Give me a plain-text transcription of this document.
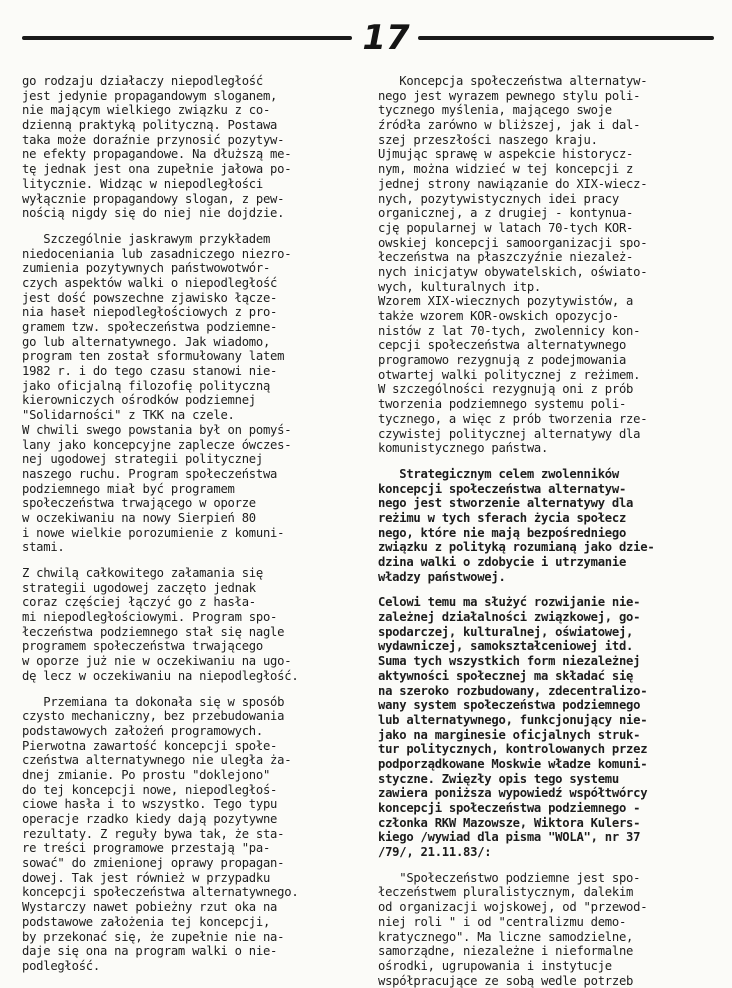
17
go rodzaju działaczy niepodległość
jest jedynie propagandowym sloganem,
nie mającym wielkiego związku z co-
dzienną praktyką polityczną. Postawa
taka może doraźnie przynosić pozytyw-
ne efekty propagandowe. Na dłuższą me-
tę jednak jest ona zupełnie jałowa po-
litycznie. Widząc w niepodległości
wyłącznie propagandowy slogan, z pew-
nością nigdy się do niej nie dojdzie.
Szczególnie jaskrawym przykładem
niedoceniania lub zasadniczego niezro-
zumienia pozytywnych państwowotwór-
czych aspektów walki o niepodległość
jest dość powszechne zjawisko łącze-
nia haseł niepodległościowych z pro-
gramem tzw. społeczeństwa podziemne-
go lub alternatywnego. Jak wiadomo,
program ten został sformułowany latem
1982 r. i do tego czasu stanowi nie-
jako oficjalną filozofię polityczną
kierowniczych ośrodków podziemnej
"Solidarności" z TKK na czele.
W chwili swego powstania był on pomyś-
lany jako koncepcyjne zaplecze ówczes-
nej ugodowej strategii politycznej
naszego ruchu. Program społeczeństwa
podziemnego miał być programem
społeczeństwa trwającego w oporze
w oczekiwaniu na nowy Sierpień 80
i nowe wielkie porozumienie z komuni-
stami.
Z chwilą całkowitego załamania się
strategii ugodowej zaczęto jednak
coraz częściej łączyć go z hasła-
mi niepodległościowymi. Program spo-
łeczeństwa podziemnego stał się nagle
programem społeczeństwa trwającego
w oporze już nie w oczekiwaniu na ugo-
dę lecz w oczekiwaniu na niepodległość.
Przemiana ta dokonała się w sposób
czysto mechaniczny, bez przebudowania
podstawowych założeń programowych.
Pierwotna zawartość koncepcji społe-
czeństwa alternatywnego nie uległa ża-
dnej zmianie. Po prostu "doklejono"
do tej koncepcji nowe, niepodległoś-
ciowe hasła i to wszystko. Tego typu
operacje rzadko kiedy dają pozytywne
rezultaty. Z reguły bywa tak, że sta-
re treści programowe przestają "pa-
sować" do zmienionej oprawy propagan-
dowej. Tak jest również w przypadku
koncepcji społeczeństwa alternatywnego.
Wystarczy nawet pobieżny rzut oka na
podstawowe założenia tej koncepcji,
by przekonać się, że zupełnie nie na-
daje się ona na program walki o nie-
podległość.
Koncepcja społeczeństwa alternatyw-
nego jest wyrazem pewnego stylu poli-
tycznego myślenia, mającego swoje
źródła zarówno w bliższej, jak i dal-
szej przeszłości naszego kraju.
Ujmując sprawę w aspekcie historycz-
nym, można widzieć w tej koncepcji z
jednej strony nawiązanie do XIX-wiecz-
nych, pozytywistycznych idei pracy
organicznej, a z drugiej - kontynua-
cję popularnej w latach 70-tych KOR-
owskiej koncepcji samoorganizacji spo-
łeczeństwa na płaszczyźnie niezależ-
nych inicjatyw obywatelskich, oświato-
wych, kulturalnych itp.
Wzorem XIX-wiecznych pozytywistów, a
także wzorem KOR-owskich opozycjo-
nistów z lat 70-tych, zwolennicy kon-
cepcji społeczeństwa alternatywnego
programowo rezygnują z podejmowania
otwartej walki politycznej z reżimem.
W szczególności rezygnują oni z prób
tworzenia podziemnego systemu poli-
tycznego, a więc z prób tworzenia rze-
czywistej politycznej alternatywy dla
komunistycznego państwa.
Strategicznym celem zwolenników
koncepcji społeczeństwa alternatyw-
nego jest stworzenie alternatywy dla
reżimu w tych sferach życia społecz
nego, które nie mają bezpośredniego
związku z polityką rozumianą jako dzie-
dzina walki o zdobycie i utrzymanie
władzy państwowej.
Celowi temu ma służyć rozwijanie nie-
zależnej działalności związkowej, go-
spodarczej, kulturalnej, oświatowej,
wydawniczej, samokształceniowej itd.
Suma tych wszystkich form niezależnej
aktywności społecznej ma składać się
na szeroko rozbudowany, zdecentralizo-
wany system społeczeństwa podziemnego
lub alternatywnego, funkcjonujący nie-
jako na marginesie oficjalnych struk-
tur politycznych, kontrolowanych przez
podporządkowane Moskwie władze komuni-
styczne. Zwięzły opis tego systemu
zawiera poniższa wypowiedź współtwórcy
koncepcji społeczeństwa podziemnego -
członka RKW Mazowsze, Wiktora Kulers-
kiego /wywiad dla pisma "WOLA", nr 37
/79/, 21.11.83/:
"Społeczeństwo podziemne jest spo-
łeczeństwem pluralistycznym, dalekim
od organizacji wojskowej, od "przewod-
niej roli " i od "centralizmu demo-
kratycznego". Ma liczne samodzielne,
samorządne, niezależne i nieformalne
ośrodki, ugrupowania i instytucje
współpracujące ze sobą wedle potrzeb
